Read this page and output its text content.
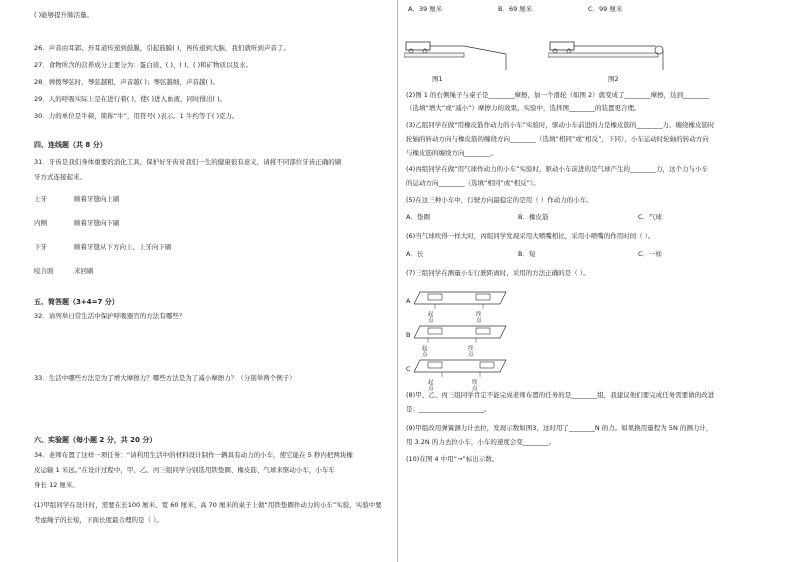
( )能够提升肺活量。
26．声音由耳郭、外耳道传递到鼓膜，引起鼓膜( )，再传递到大脑，我们就听到声音了。
27．食物所含的营养成分主要分为：蛋白质、( )、( )、( )和矿物质以及水。
28．弹拨琴弦时，琴弦越粗，声音越( )；琴弦越细，声音越( )。
29．人的呼吸实际上是在进行着( )，使( )进入血液，同时排出( )。
30．力的单位是牛顿，简称“牛”，用符号( )表示。1 牛约等于( )克力。
四、连线题（共 8 分）
31．牙齿是我们身体重要的消化工具，保护好牙齿对我们一生的健康很有意义，请将不同部位牙齿正确的刷
牙方式连接起来。
上牙	顺着牙缝向上刷
内侧	顺着牙缝向下刷
下牙	顺着牙缝从下方向上、上牙向下刷
咬合面	来回刷
五、简答题（3+4=7 分）
32．请列举日常生活中保护呼吸器官的方法有哪些？
33．生活中哪些方法是为了增大摩擦力？哪些方法是为了减小摩擦力？（分别举两个例子）
六、实验题（每小题 2 分，共 20 分）
34．老师布置了这样一项任务：“请利用生活中的材料设计制作一辆具有动力的小车，使它能在 5 秒内把两块橡
皮运输 1 米远。”在设计过程中，甲、乙、丙三组同学分别选用铁垫圈、橡皮筋、气球来驱动小车，小车车
身长 12 厘米。
(1)甲组同学在设计时，需要在长100 厘米、宽 60 厘米、高 70 厘米的桌子上做“用铁垫圈作动力的小车”实验，实验中要
考虑绳子的长短，下面长度最合理的是（ ）。
A．39 厘米	B．69 厘米	C．99 厘米
图1	图2
(2)图 1 的右侧绳子与桌子是________摩擦，加一个滑轮（如图 2）就变成了________摩擦，达到________
（选填“增大”或“减小”）摩擦力的效果。实验中，选择图________的装置更合理。
(3)乙组同学在做“用橡皮筋作动力的小车”实验时，驱动小车前进的力是橡皮筋的________力。缠绕橡皮筋时
轮轴的转动方向与橡皮筋的缠绕方向________（选填“相同”或“相反”，下同），小车运动时轮轴的转动方向
与橡皮筋的缠绕方向________。
(4)丙组同学在做“用气球作动力的小车”实验时，驱动小车前进的是气球产生的________力，这个力与小车
的运动方向________（选填“相同”或“相反”）。
(5)在这三种小车中，行驶方向最稳定的是用（ ）作动力的小车。
A．垫圈	B．橡皮筋	C．气球
(6)当气球吹得一样大时，丙组同学发现采用大喷嘴相比，采用小喷嘴的作用时间（ ）。
A．长	B．短	C．一样
(7)三组同学在测量小车行驶距离时，采用的方法正确的是（ ）。
A
起点
终点
B
起点
终点
C
起点
终点
(8)甲、乙、丙三组同学肯定不能完成老师布置的任务的是________组，我建议他们要完成任务需要做的改进
是：____________________。
(9)甲组改用弹簧测力计去拉，发现示数如图3，这时用了________N 的力。如果换用量程为 5N 的测力计，
用 3.2N 的力去拉小车，小车的速度会变________。
(10)在图 4 中用“→”标出示数。
